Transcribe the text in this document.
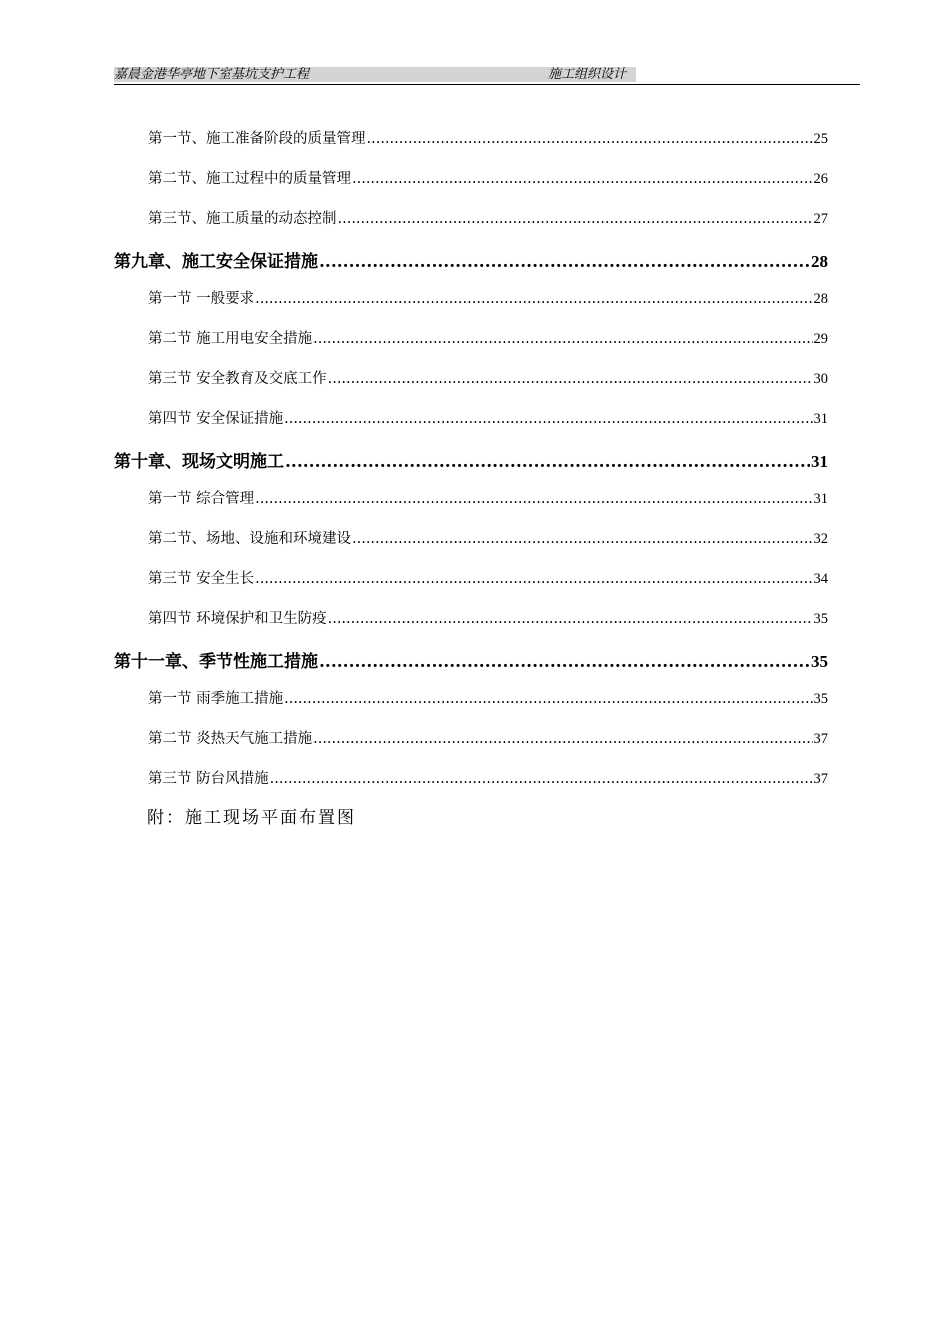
嘉晨金港华亭地下室基坑支护工程	施工组织设计
第一节、施工准备阶段的质量管理 .....	25
第二节、施工过程中的质量管理 .....	26
第三节、施工质量的动态控制 .....	27
第九章、施工安全保证措施 .....	28
第一节 一般要求 .....	28
第二节 施工用电安全措施 .....	29
第三节 安全教育及交底工作 .....	30
第四节 安全保证措施 .....	31
第十章、现场文明施工 .....	31
第一节 综合管理 .....	31
第二节、场地、设施和环境建设 .....	32
第三节 安全生长 .....	34
第四节 环境保护和卫生防疫 .....	35
第十一章、季节性施工措施 .....	35
第一节 雨季施工措施 .....	35
第二节 炎热天气施工措施 .....	37
第三节 防台风措施 .....	37
附：施工现场平面布置图
